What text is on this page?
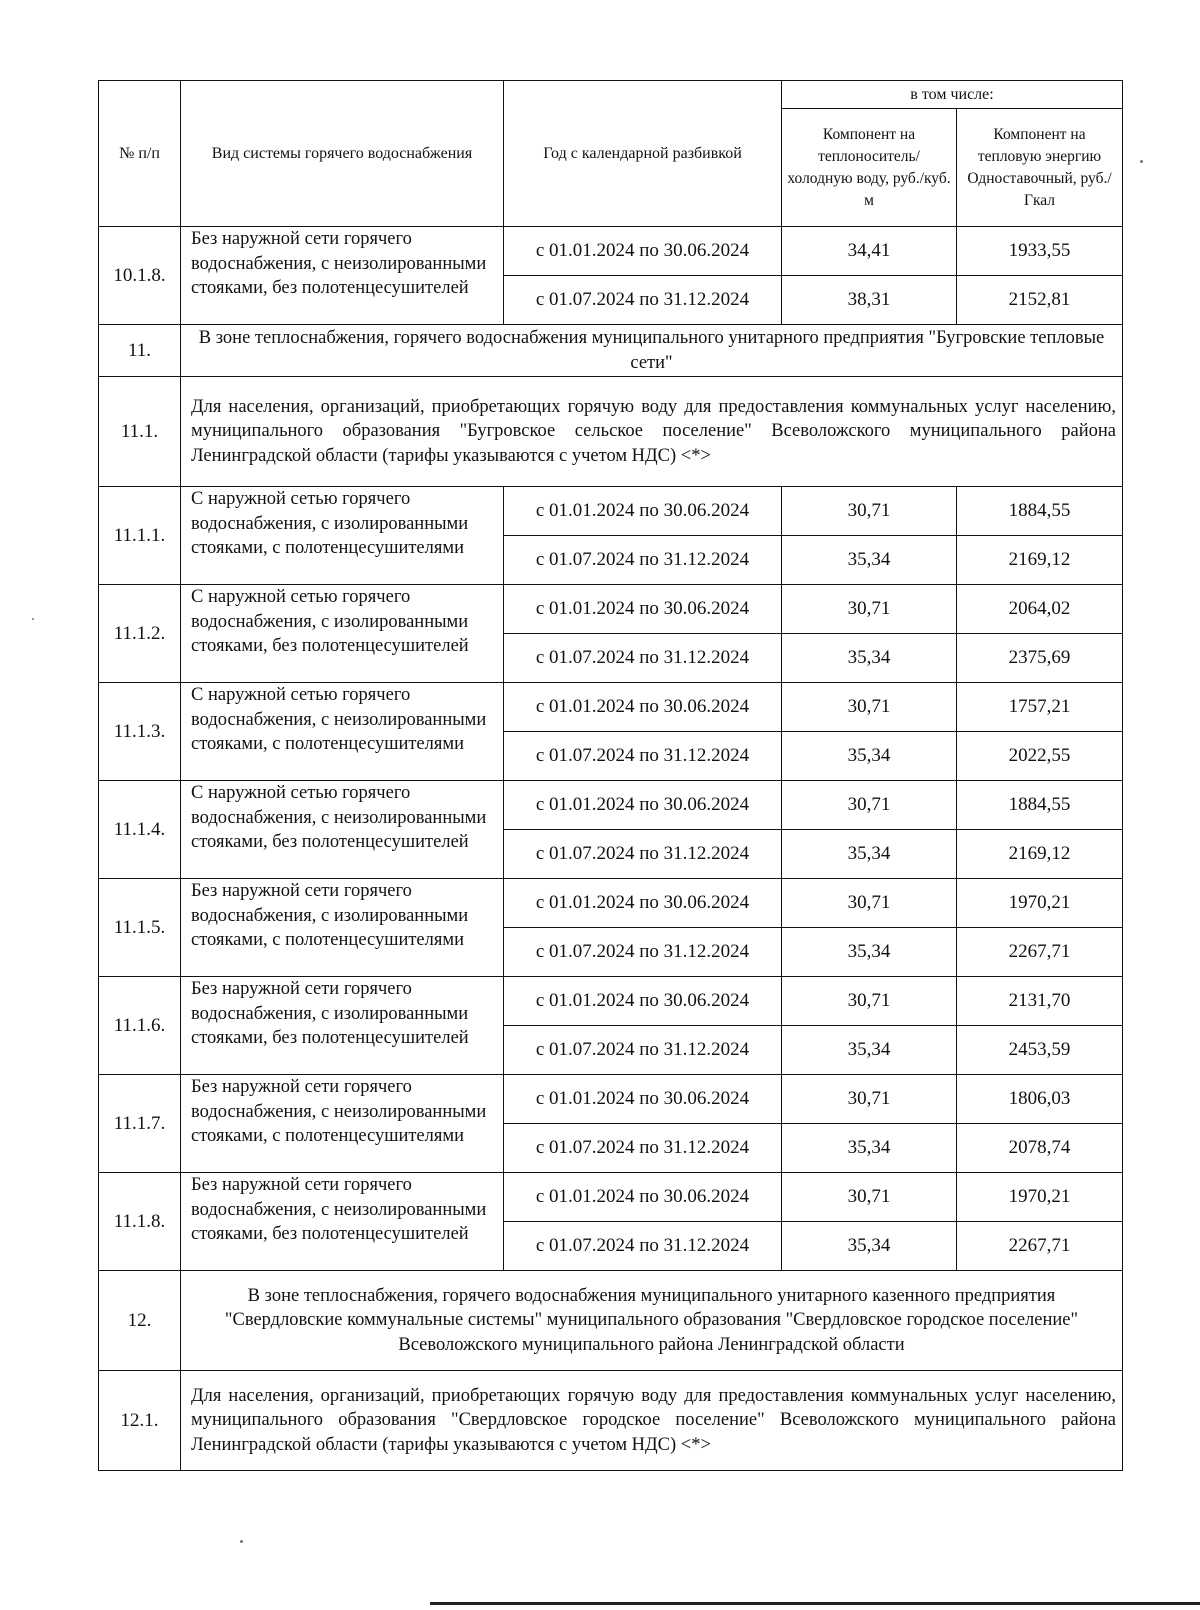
№ п/п	Вид системы горячего водоснабжения	Год с календарной разбивкой	в том числе:	
			Компонент на теплоноситель/ холодную воду, руб./куб. м	Компонент на тепловую энергию Одноставочный, руб./Гкал
10.1.8.	Без наружной сети горячего водоснабжения, с неизолированными стояками, без полотенцесушителей	с 01.01.2024 по 30.06.2024	34,41	1933,55
		с 01.07.2024 по 31.12.2024	38,31	2152,81
11.	В зоне теплоснабжения, горячего водоснабжения муниципального унитарного предприятия "Бугровские тепловые сети"			
11.1.	Для населения, организаций, приобретающих горячую воду для предоставления коммунальных услуг населению, муниципального образования "Бугровское сельское поселение" Всеволожского муниципального района Ленинградской области (тарифы указываются с учетом НДС) <*>			
11.1.1.	С наружной сетью горячего водоснабжения, с изолированными стояками, с полотенцесушителями	с 01.01.2024 по 30.06.2024	30,71	1884,55
		с 01.07.2024 по 31.12.2024	35,34	2169,12
11.1.2.	С наружной сетью горячего водоснабжения, с изолированными стояками, без полотенцесушителей	с 01.01.2024 по 30.06.2024	30,71	2064,02
		с 01.07.2024 по 31.12.2024	35,34	2375,69
11.1.3.	С наружной сетью горячего водоснабжения, с неизолированными стояками, с полотенцесушителями	с 01.01.2024 по 30.06.2024	30,71	1757,21
		с 01.07.2024 по 31.12.2024	35,34	2022,55
11.1.4.	С наружной сетью горячего водоснабжения, с неизолированными стояками, без полотенцесушителей	с 01.01.2024 по 30.06.2024	30,71	1884,55
		с 01.07.2024 по 31.12.2024	35,34	2169,12
11.1.5.	Без наружной сети горячего водоснабжения, с изолированными стояками, с полотенцесушителями	с 01.01.2024 по 30.06.2024	30,71	1970,21
		с 01.07.2024 по 31.12.2024	35,34	2267,71
11.1.6.	Без наружной сети горячего водоснабжения, с изолированными стояками, без полотенцесушителей	с 01.01.2024 по 30.06.2024	30,71	2131,70
		с 01.07.2024 по 31.12.2024	35,34	2453,59
11.1.7.	Без наружной сети горячего водоснабжения, с неизолированными стояками, с полотенцесушителями	с 01.01.2024 по 30.06.2024	30,71	1806,03
		с 01.07.2024 по 31.12.2024	35,34	2078,74
11.1.8.	Без наружной сети горячего водоснабжения, с неизолированными стояками, без полотенцесушителей	с 01.01.2024 по 30.06.2024	30,71	1970,21
		с 01.07.2024 по 31.12.2024	35,34	2267,71
12.	В зоне теплоснабжения, горячего водоснабжения муниципального унитарного казенного предприятия "Свердловские коммунальные системы" муниципального образования "Свердловское городское поселение" Всеволожского муниципального района Ленинградской области			
12.1.	Для населения, организаций, приобретающих горячую воду для предоставления коммунальных услуг населению, муниципального образования "Свердловское городское поселение" Всеволожского муниципального района Ленинградской области (тарифы указываются с учетом НДС) <*>			
